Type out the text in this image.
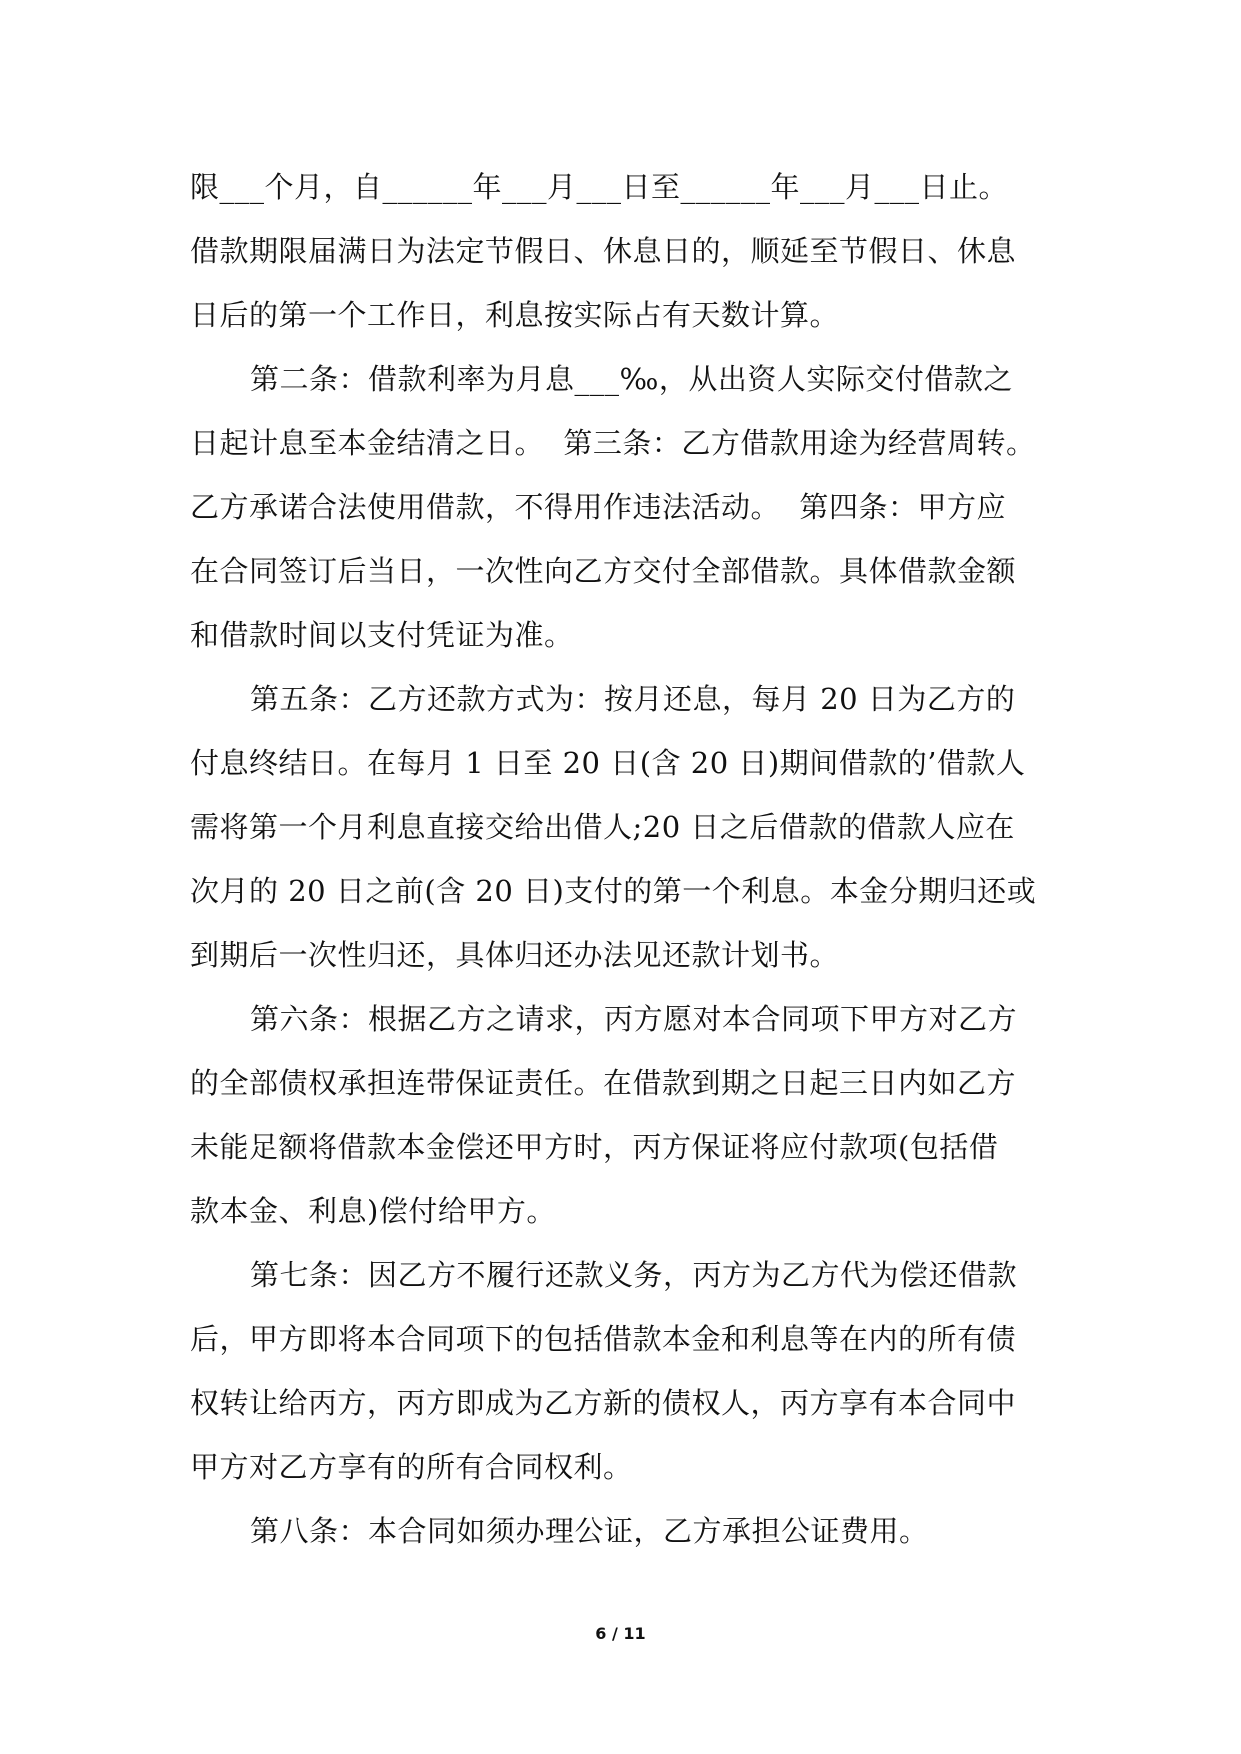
限___个月，自______年___月___日至______年___月___日止。
借款期限届满日为法定节假日、休息日的，顺延至节假日、休息
日后的第一个工作日，利息按实际占有天数计算。
第二条：借款利率为月息___‰，从出资人实际交付借款之
日起计息至本金结清之日。  第三条：乙方借款用途为经营周转。
乙方承诺合法使用借款，不得用作违法活动。  第四条：甲方应
在合同签订后当日，一次性向乙方交付全部借款。具体借款金额
和借款时间以支付凭证为准。
第五条：乙方还款方式为：按月还息，每月 20 日为乙方的
付息终结日。在每月 1 日至 20 日(含 20 日)期间借款的’借款人
需将第一个月利息直接交给出借人;20 日之后借款的借款人应在
次月的 20 日之前(含 20 日)支付的第一个利息。本金分期归还或
到期后一次性归还，具体归还办法见还款计划书。
第六条：根据乙方之请求，丙方愿对本合同项下甲方对乙方
的全部债权承担连带保证责任。在借款到期之日起三日内如乙方
未能足额将借款本金偿还甲方时，丙方保证将应付款项(包括借
款本金、利息)偿付给甲方。
第七条：因乙方不履行还款义务，丙方为乙方代为偿还借款
后，甲方即将本合同项下的包括借款本金和利息等在内的所有债
权转让给丙方，丙方即成为乙方新的债权人，丙方享有本合同中
甲方对乙方享有的所有合同权利。
第八条：本合同如须办理公证，乙方承担公证费用。
6 / 11
